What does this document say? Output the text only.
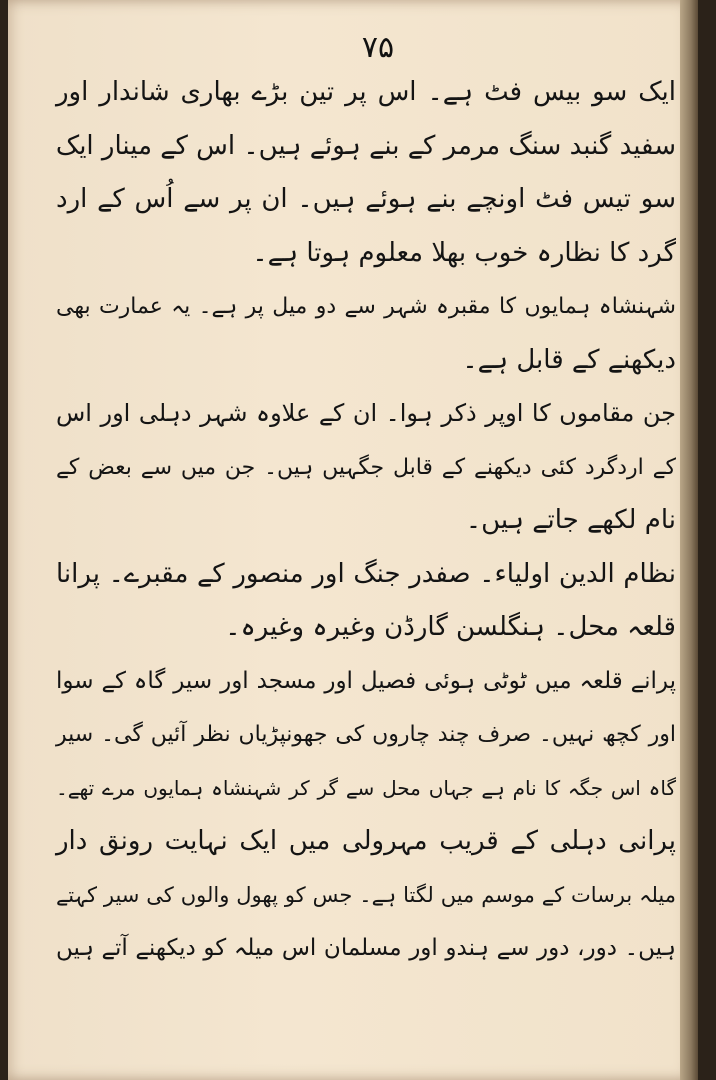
۷۵
ایک سو بیس فٹ ہے۔ اس پر تین بڑے بھاری شاندار اور
سفید گنبد سنگ مرمر کے بنے ہوئے ہیں۔ اس کے مینار ایک
سو تیس فٹ اونچے بنے ہوئے ہیں۔ ان پر سے اُس کے ارد
گرد کا نظارہ خوب بھلا معلوم ہوتا ہے۔
شہنشاہ ہمایوں کا مقبرہ شہر سے دو میل پر ہے۔ یہ عمارت بھی
دیکھنے کے قابل ہے۔
جن مقاموں کا اوپر ذکر ہوا۔ ان کے علاوہ شہر دہلی اور اس
کے اردگرد کئی دیکھنے کے قابل جگہیں ہیں۔ جن میں سے بعض کے
نام لکھے جاتے ہیں۔
نظام الدین اولیاء۔ صفدر جنگ اور منصور کے مقبرے۔ پرانا
قلعہ محل۔ ہنگلسن گارڈن وغیرہ وغیرہ۔
پرانے قلعہ میں ٹوٹی ہوئی فصیل اور مسجد اور سیر گاہ کے سوا
اور کچھ نہیں۔ صرف چند چاروں کی جھونپڑیاں نظر آئیں گی۔ سیر
گاہ اس جگہ کا نام ہے جہاں محل سے گر کر شہنشاہ ہمایوں مرے تھے۔
پرانی دہلی کے قریب مہرولی میں ایک نہایت رونق دار
میلہ برسات کے موسم میں لگتا ہے۔ جس کو پھول والوں کی سیر کہتے
ہیں۔ دور، دور سے ہندو اور مسلمان اس میلہ کو دیکھنے آتے ہیں
